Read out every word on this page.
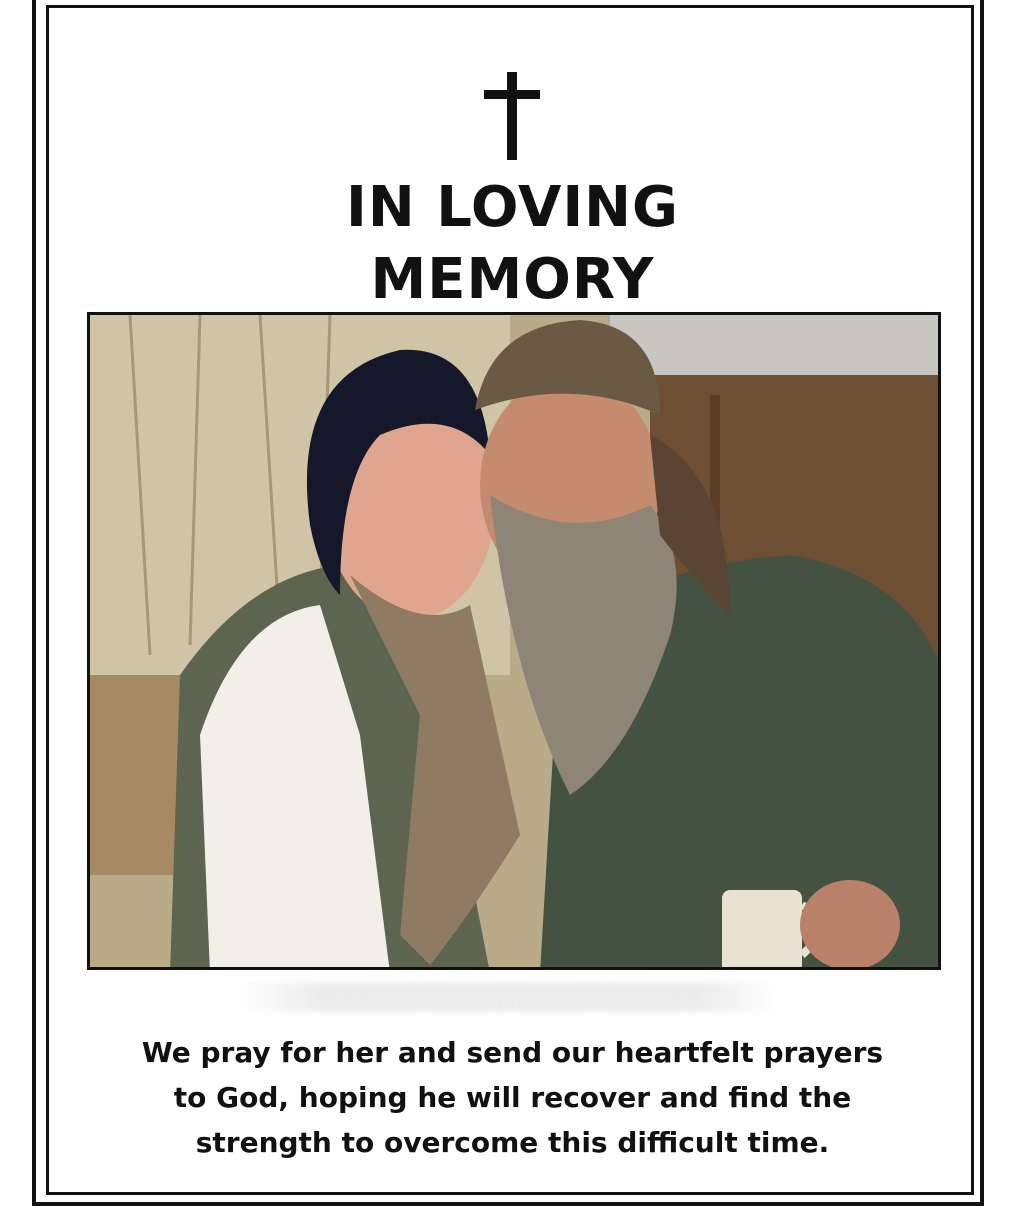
IN LOVING
MEMORY

We pray for her and send our heartfelt prayers
to God, hoping he will recover and find the
strength to overcome this difficult time.
